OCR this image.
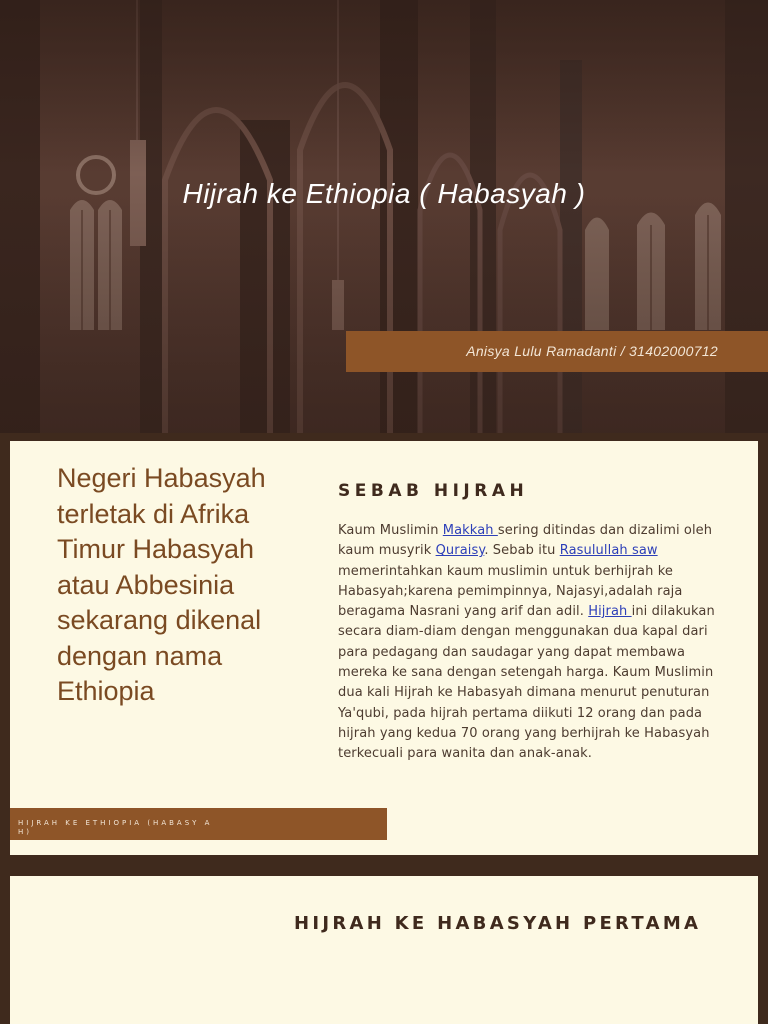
Hijrah ke Ethiopia ( Habasyah )
Anisya Lulu Ramadanti / 31402000712
Negeri Habasyah terletak di Afrika Timur Habasyah atau Abbesinia sekarang dikenal dengan nama Ethiopia
SEBAB HIJRAH
Kaum Muslimin Makkah sering ditindas dan dizalimi oleh kaum musyrik Quraisy. Sebab itu Rasulullah saw memerintahkan kaum muslimin untuk berhijrah ke Habasyah;karena pemimpinnya, Najasyi,adalah raja beragama Nasrani yang arif dan adil. Hijrah ini dilakukan secara diam-diam dengan menggunakan dua kapal dari para pedagang dan saudagar yang dapat membawa mereka ke sana dengan setengah harga. Kaum Muslimin dua kali Hijrah ke Habasyah dimana menurut penuturan Ya'qubi, pada hijrah pertama diikuti 12 orang dan pada hijrah yang kedua 70 orang yang berhijrah ke Habasyah terkecuali para wanita dan anak-anak.
HIJRAH KE ETHIOPIA (HABASY AH)
HIJRAH KE HABASYAH PERTAMA
